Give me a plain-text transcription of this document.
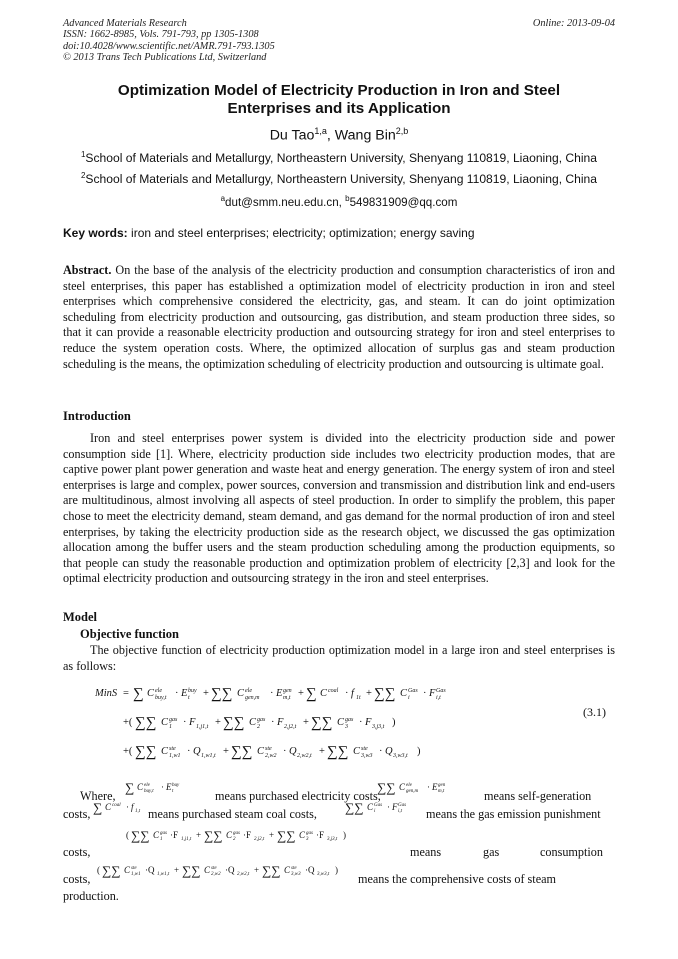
Advanced Materials Research
ISSN: 1662-8985, Vols. 791-793, pp 1305-1308
doi:10.4028/www.scientific.net/AMR.791-793.1305
© 2013 Trans Tech Publications Ltd, Switzerland
Online: 2013-09-04
Optimization Model of Electricity Production in Iron and Steel Enterprises and its Application
Du Tao$^{1,a}$, Wang Bin$^{2,b}$
$^1$School of Materials and Metallurgy, Northeastern University, Shenyang 110819, Liaoning, China
$^2$School of Materials and Metallurgy, Northeastern University, Shenyang 110819, Liaoning, China
$^a$dut@smm.neu.edu.cn, $^b$549831909@qq.com
Key words: iron and steel enterprises; electricity; optimization; energy saving
Abstract. On the base of the analysis of the electricity production and consumption characteristics of iron and steel enterprises, this paper has established a optimization model of electricity production in iron and steel enterprises which comprehensive considered the electricity, gas, and steam. It can do joint optimization scheduling from electricity production and outsourcing, gas distribution, and steam production three sides, so that it can provide a reasonable electricity production and outsourcing strategy for iron and steel enterprises to reduce the system operation costs. Where, the optimized allocation of surplus gas and steam production scheduling is the means, the optimization scheduling of electricity production and outsourcing is ultimate goal.
Introduction
Iron and steel enterprises power system is divided into the electricity production side and power consumption side [1]. Where, electricity production side includes two electricity production modes, that are captive power plant power generation and waste heat and energy generation. The energy system of iron and steel enterprises is large and complex, power sources, conversion and transmission and distribution link and end-users are multitudinous, almost involving all aspects of steel production. In order to simplify the problem, this paper chose to meet the electricity demand, steam demand, and gas demand for the normal production of iron and steel enterprises, by taking the electricity production side as the research object, we discussed the gas optimization allocation among the buffer users and the steam production scheduling among the production equipments, so that people can study the reasonable production and optimization problem of electricity [2,3] and look for the optimal electricity production and outsourcing strategy in the iron and steel enterprises.
Model
Objective function
The objective function of electricity production optimization model in a large iron and steel enterprises is as follows:
MinS = ∑ C ele
buy,t · E buy
t + ∑∑ C ele
gen,m · E gen
m,t + ∑ C coal · f 1t + ∑∑ C Gas
i · F Gas
i,t
+( ∑∑ C gas
1 · F 1,j1,t + ∑∑ C gas
2 · F 2,j2,t + ∑∑ C gas
3 · F 3,j3,t )
+( ∑∑ C ste
1,w1 · Q 1,w1,t + ∑∑ C ste
2,w2 · Q 2,w2,t + ∑∑ C ste
3,w3 · Q 3,w3,t )
(3.1)
Where,
∑ C ele
buy,t · E buy
t	means purchased electricity costs,
∑∑ C ele
gen,m · E gen
m,t	means self-generation
costs, ∑ C coal · f 1,t means purchased steam coal costs, ∑∑ C Gas
i · F Gas
i,t means the gas emission punishment
( ∑∑ C gas
1 ·F 1,j1,t + ∑∑ C gas
2 ·F 2,j2,t + ∑∑ C gas
3 ·F 3,j3,t )
costs,	means	gas	consumption
( ∑∑ C ste
1,w1 ·Q 1,w1,t + ∑∑ C ste
2,w2 ·Q 2,w2,t + ∑∑ C ste
3,w3 ·Q 3,w3,t )
costs,	means the comprehensive costs of steam
production.
